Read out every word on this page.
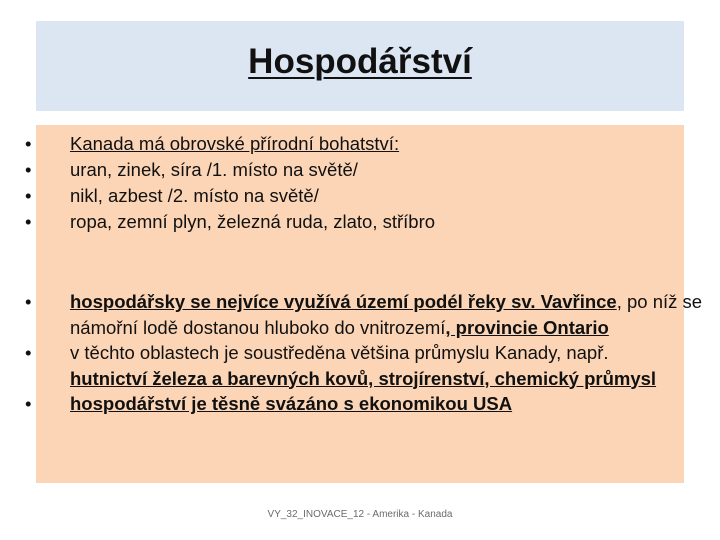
Hospodářství
• Kanada má obrovské přírodní bohatství:
• uran, zinek, síra /1. místo na světě/
• nikl, azbest /2. místo na světě/
• ropa, zemní plyn, železná ruda, zlato, stříbro
• hospodářsky se nejvíce využívá území podél řeky sv. Vavřince, po níž se námořní lodě dostanou hluboko do vnitrozemí, provincie Ontario
• v těchto oblastech je soustředěna většina průmyslu Kanady, např.
hutnictví železa a barevných kovů, strojírenství, chemický průmysl
• hospodářství je těsně svázáno s ekonomikou USA
VY_32_INOVACE_12 - Amerika - Kanada
